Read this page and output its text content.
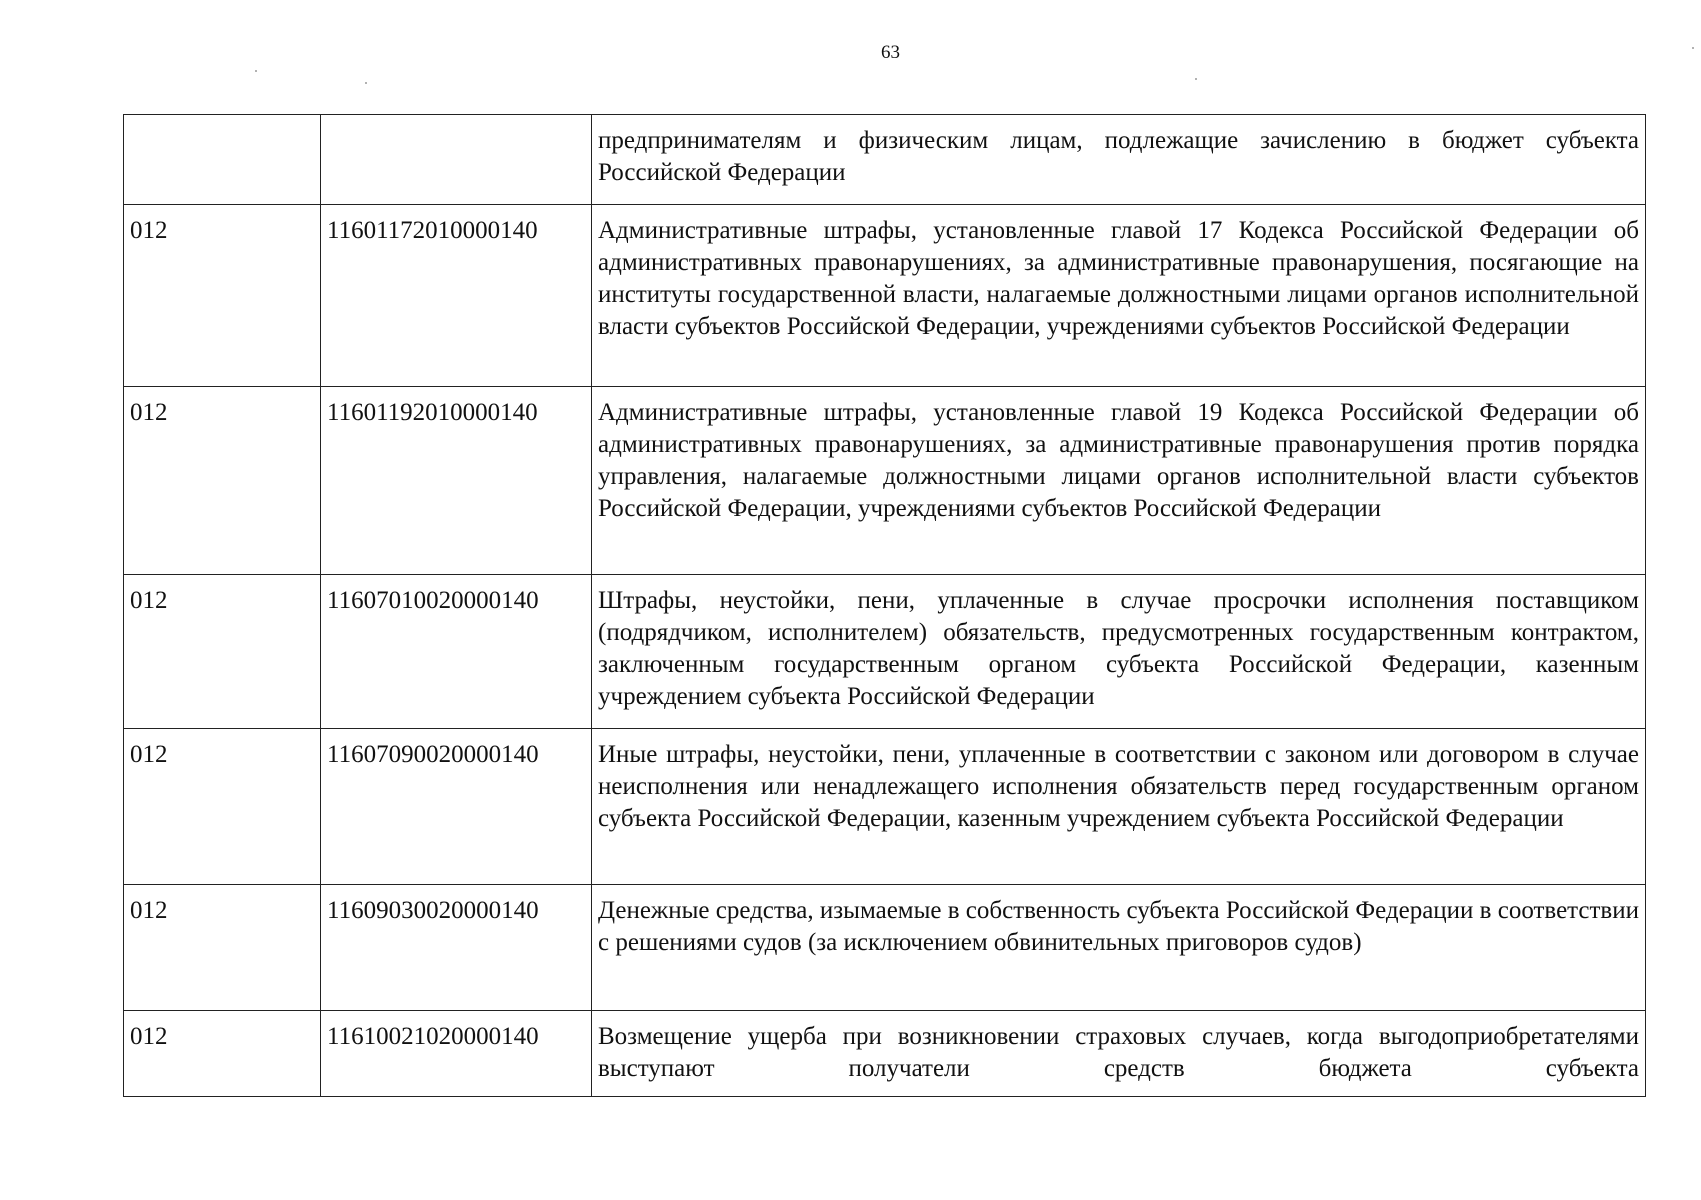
63
		предпринимателям и физическим лицам, подлежащие зачислению в бюджет субъекта Российской Федерации
012	11601172010000140	Административные штрафы, установленные главой 17 Кодекса Российской Федерации об административных правонарушениях, за административные правонарушения, посягающие на институты государственной власти, налагаемые должностными лицами органов исполнительной власти субъектов Российской Федерации, учреждениями субъектов Российской Федерации
012	11601192010000140	Административные штрафы, установленные главой 19 Кодекса Российской Федерации об административных правонарушениях, за административные правонарушения против порядка управления, налагаемые должностными лицами органов исполнительной власти субъектов Российской Федерации, учреждениями субъектов Российской Федерации
012	11607010020000140	Штрафы, неустойки, пени, уплаченные в случае просрочки исполнения поставщиком (подрядчиком, исполнителем) обязательств, предусмотренных государственным контрактом, заключенным государственным органом субъекта Российской Федерации, казенным учреждением субъекта Российской Федерации
012	11607090020000140	Иные штрафы, неустойки, пени, уплаченные в соответствии с законом или договором в случае неисполнения или ненадлежащего исполнения обязательств перед государственным органом субъекта Российской Федерации, казенным учреждением субъекта Российской Федерации
012	11609030020000140	Денежные средства, изымаемые в собственность субъекта Российской Федерации в соответствии с решениями судов (за исключением обвинительных приговоров судов)
012	11610021020000140	Возмещение ущерба при возникновении страховых случаев, когда выгодоприобретателями выступают получатели средств бюджета субъекта
